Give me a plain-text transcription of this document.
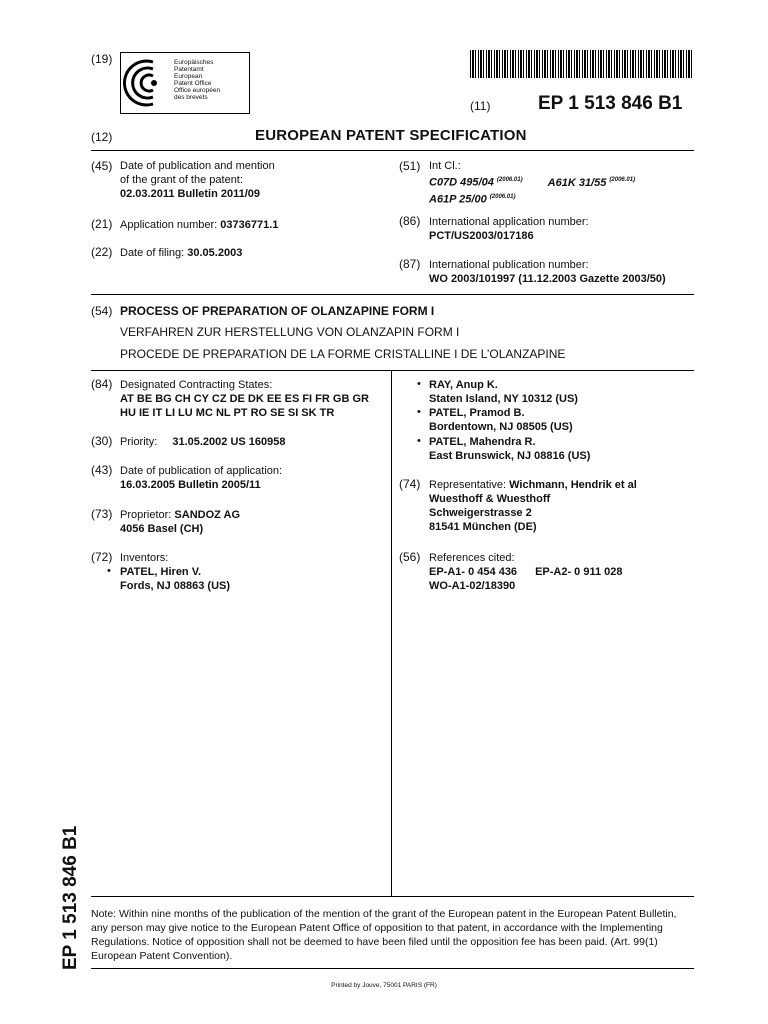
(19)	Europäisches
Patentamt
European
Patent Office
Office européen
des brevets
(11)	EP 1 513 846 B1
(12)	EUROPEAN PATENT SPECIFICATION
(45) Date of publication and mention
of the grant of the patent:
02.03.2011 Bulletin 2011/09
(21) Application number: 03736771.1
(22) Date of filing: 30.05.2003
(51) Int Cl.:
C07D 495/04 $^{(2006.01)}$ A61K 31/55 $^{(2006.01)}$
A61P 25/00 $^{(2006.01)}$
(86) International application number:
PCT/US2003/017186
(87) International publication number:
WO 2003/101997 (11.12.2003 Gazette 2003/50)
(54) PROCESS OF PREPARATION OF OLANZAPINE FORM I
VERFAHREN ZUR HERSTELLUNG VON OLANZAPIN FORM I
PROCEDE DE PREPARATION DE LA FORME CRISTALLINE I DE L’OLANZAPINE
(84) Designated Contracting States:
AT BE BG CH CY CZ DE DK EE ES FI FR GB GR
HU IE IT LI LU MC NL PT RO SE SI SK TR
(30) Priority: 31.05.2002 US 160958
(43) Date of publication of application:
16.03.2005 Bulletin 2005/11
(73) Proprietor: SANDOZ AG
4056 Basel (CH)
(72) Inventors:
• PATEL, Hiren V.
Fords, NJ 08863 (US)
• RAY, Anup K.
Staten Island, NY 10312 (US)
• PATEL, Pramod B.
Bordentown, NJ 08505 (US)
• PATEL, Mahendra R.
East Brunswick, NJ 08816 (US)
(74) Representative: Wichmann, Hendrik et al
Wuesthoff & Wuesthoff
Schweigerstrasse 2
81541 München (DE)
(56) References cited:
EP-A1- 0 454 436 EP-A2- 0 911 028
WO-A1-02/18390
EP 1 513 846 B1 Note: Within nine months of the publication of the mention of the grant of the European patent in the European Patent Bulletin, any person may give notice to the European Patent Office of opposition to that patent, in accordance with the Implementing Regulations. Notice of opposition shall not be deemed to have been filed until the opposition fee has been paid. (Art. 99(1) European Patent Convention).
Printed by Jouve, 75001 PARIS (FR)
